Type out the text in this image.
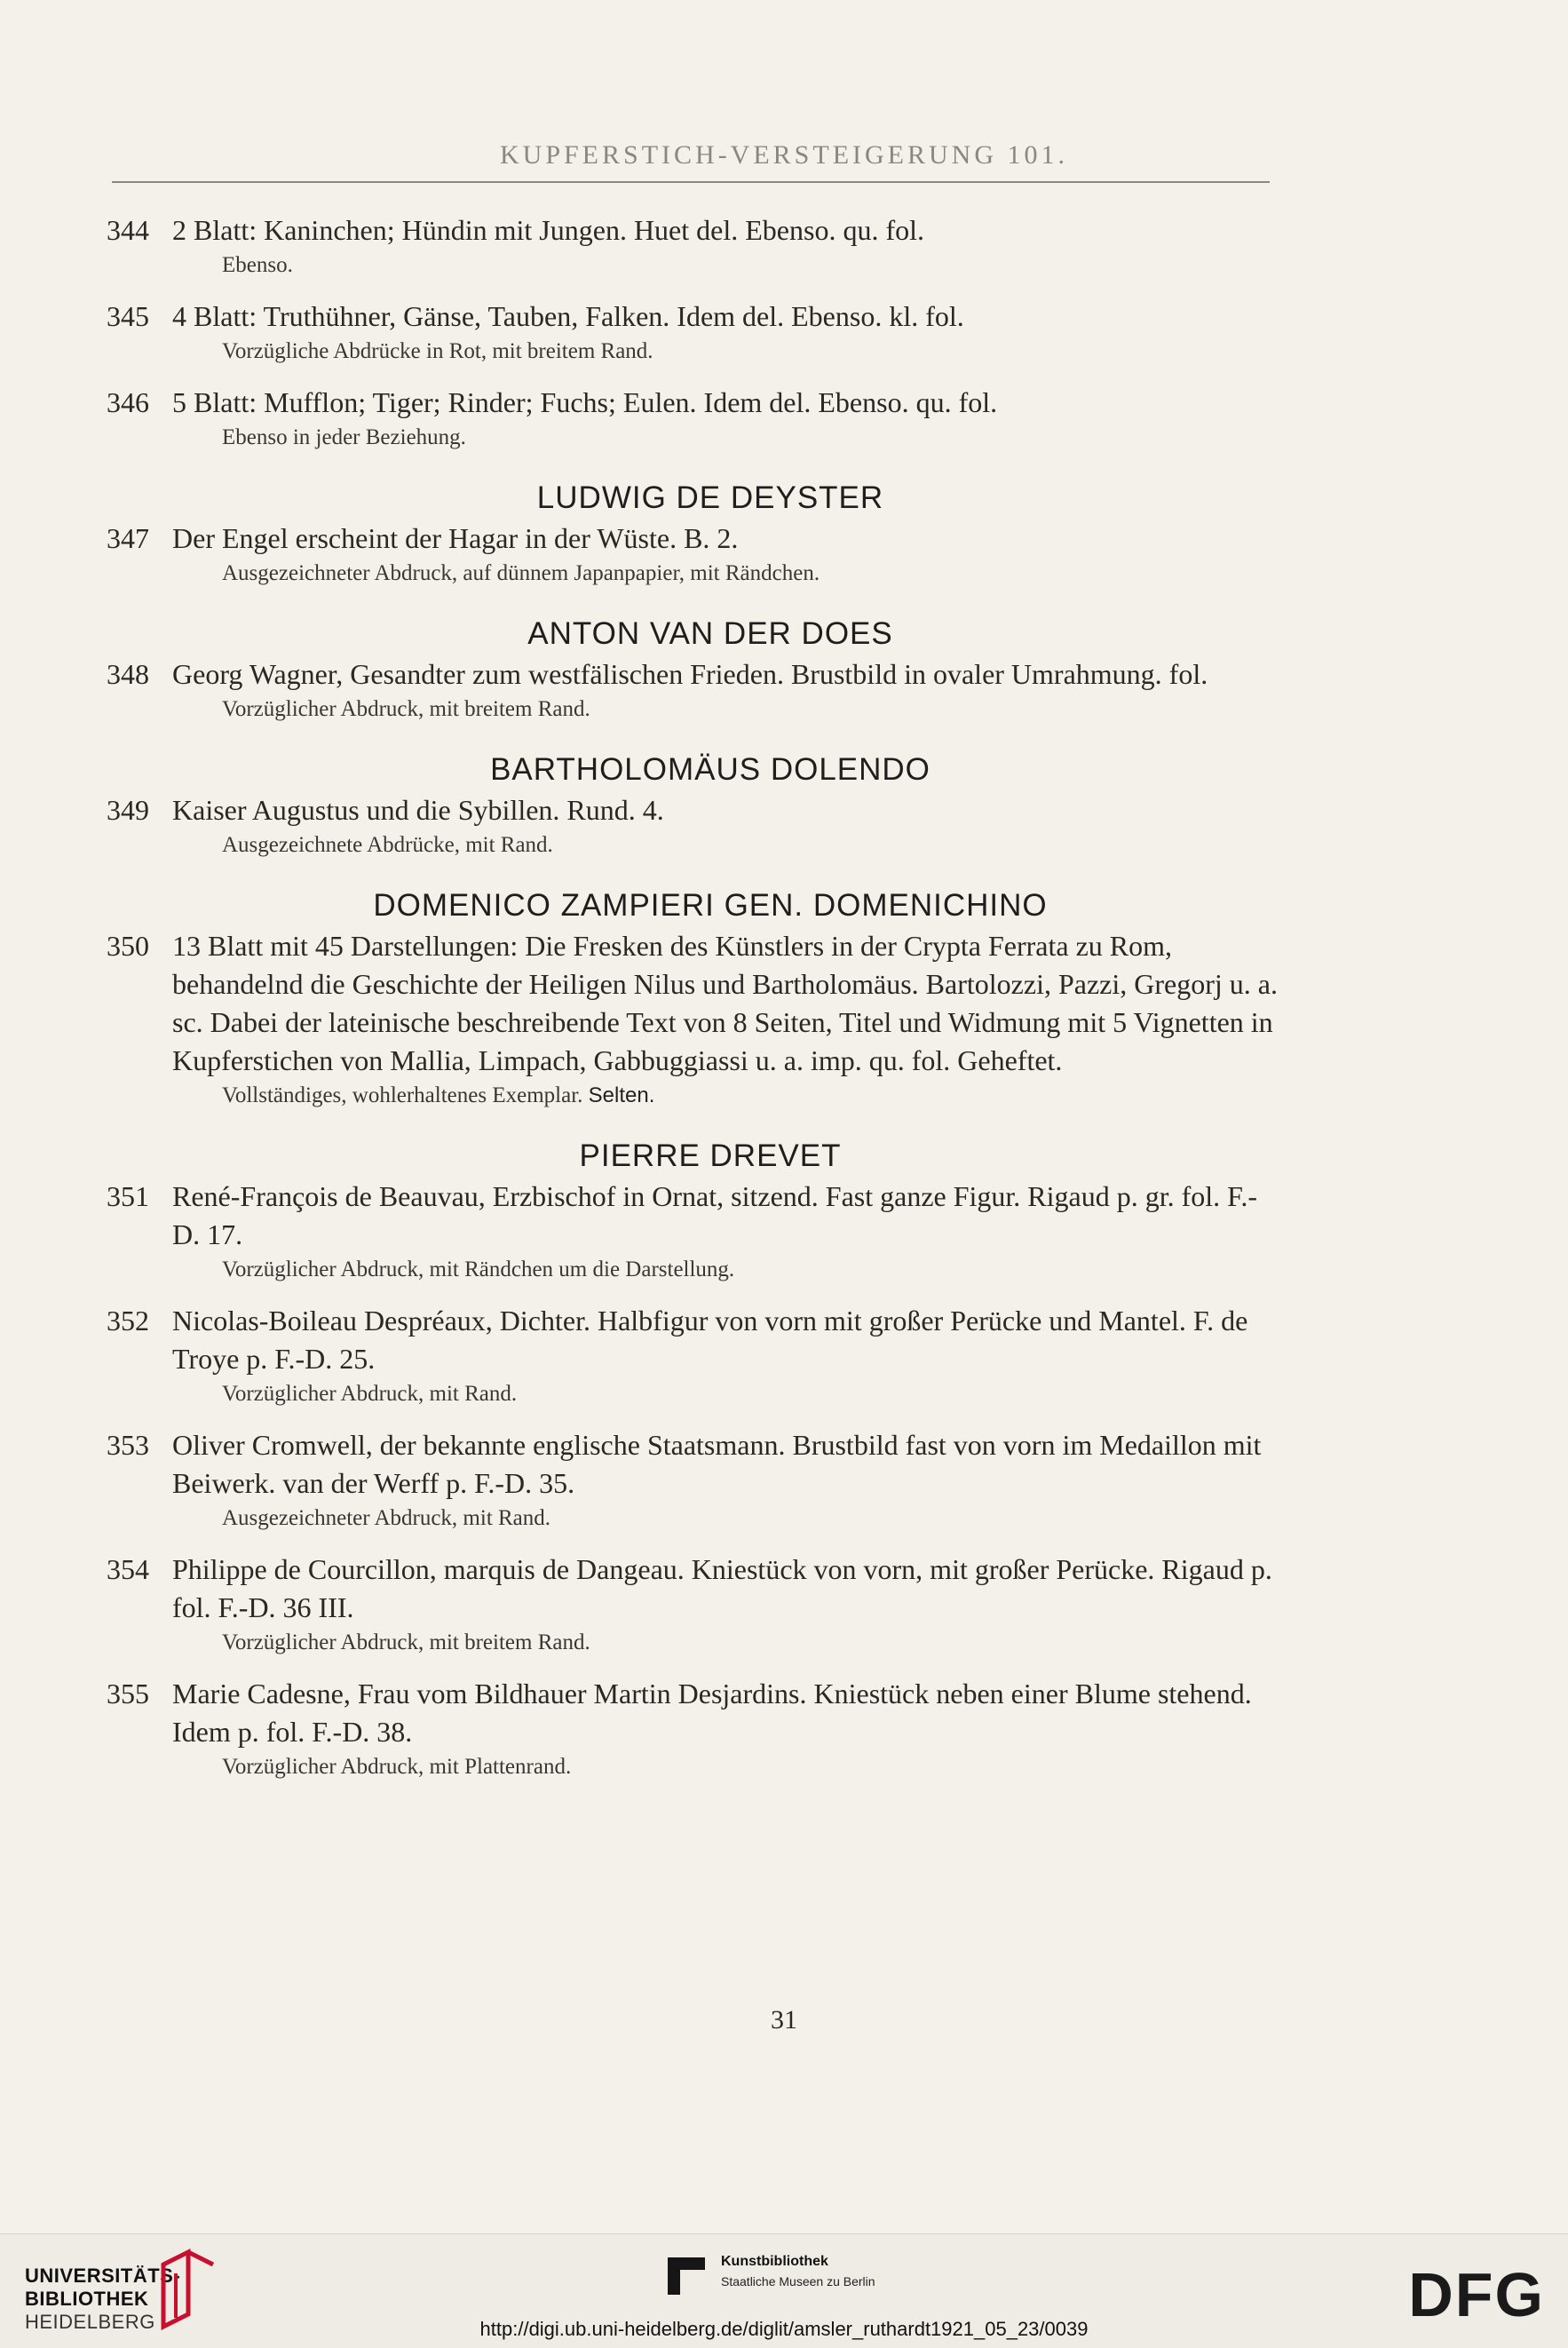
KUPFERSTICH-VERSTEIGERUNG 101.
344 2 Blatt: Kaninchen; Hündin mit Jungen. Huet del. Ebenso. qu. fol.
Ebenso.
345 4 Blatt: Truthühner, Gänse, Tauben, Falken. Idem del. Ebenso. kl. fol.
Vorzügliche Abdrücke in Rot, mit breitem Rand.
346 5 Blatt: Mufflon; Tiger; Rinder; Fuchs; Eulen. Idem del. Ebenso. qu. fol.
Ebenso in jeder Beziehung.
LUDWIG DE DEYSTER
347 Der Engel erscheint der Hagar in der Wüste. B. 2.
Ausgezeichneter Abdruck, auf dünnem Japanpapier, mit Rändchen.
ANTON VAN DER DOES
348 Georg Wagner, Gesandter zum westfälischen Frieden. Brustbild in ovaler Umrahmung. fol.
Vorzüglicher Abdruck, mit breitem Rand.
BARTHOLOMÄUS DOLENDO
349 Kaiser Augustus und die Sybillen. Rund. 4.
Ausgezeichnete Abdrücke, mit Rand.
DOMENICO ZAMPIERI GEN. DOMENICHINO
350 13 Blatt mit 45 Darstellungen: Die Fresken des Künstlers in der Crypta Ferrata zu Rom, behandelnd die Geschichte der Heiligen Nilus und Bartholomäus. Bartolozzi, Pazzi, Gregorj u. a. sc. Dabei der lateinische beschreibende Text von 8 Seiten, Titel und Widmung mit 5 Vignetten in Kupferstichen von Mallia, Limpach, Gabbuggiassi u. a. imp. qu. fol. Geheftet.
Vollständiges, wohlerhaltenes Exemplar. Selten.
PIERRE DREVET
351 René-François de Beauvau, Erzbischof in Ornat, sitzend. Fast ganze Figur. Rigaud p. gr. fol. F.-D. 17.
Vorzüglicher Abdruck, mit Rändchen um die Darstellung.
352 Nicolas-Boileau Despréaux, Dichter. Halbfigur von vorn mit großer Perücke und Mantel. F. de Troye p. F.-D. 25.
Vorzüglicher Abdruck, mit Rand.
353 Oliver Cromwell, der bekannte englische Staatsmann. Brustbild fast von vorn im Medaillon mit Beiwerk. van der Werff p. F.-D. 35.
Ausgezeichneter Abdruck, mit Rand.
354 Philippe de Courcillon, marquis de Dangeau. Kniestück von vorn, mit großer Perücke. Rigaud p. fol. F.-D. 36 III.
Vorzüglicher Abdruck, mit breitem Rand.
355 Marie Cadesne, Frau vom Bildhauer Martin Desjardins. Kniestück neben einer Blume stehend. Idem p. fol. F.-D. 38.
Vorzüglicher Abdruck, mit Plattenrand.
31
UNIVERSITÄTS-
BIBLIOTHEK
HEIDELBERG
Kunstbibliothek
Staatliche Museen zu Berlin	DFG
http://digi.ub.uni-heidelberg.de/diglit/amsler_ruthardt1921_05_23/0039
